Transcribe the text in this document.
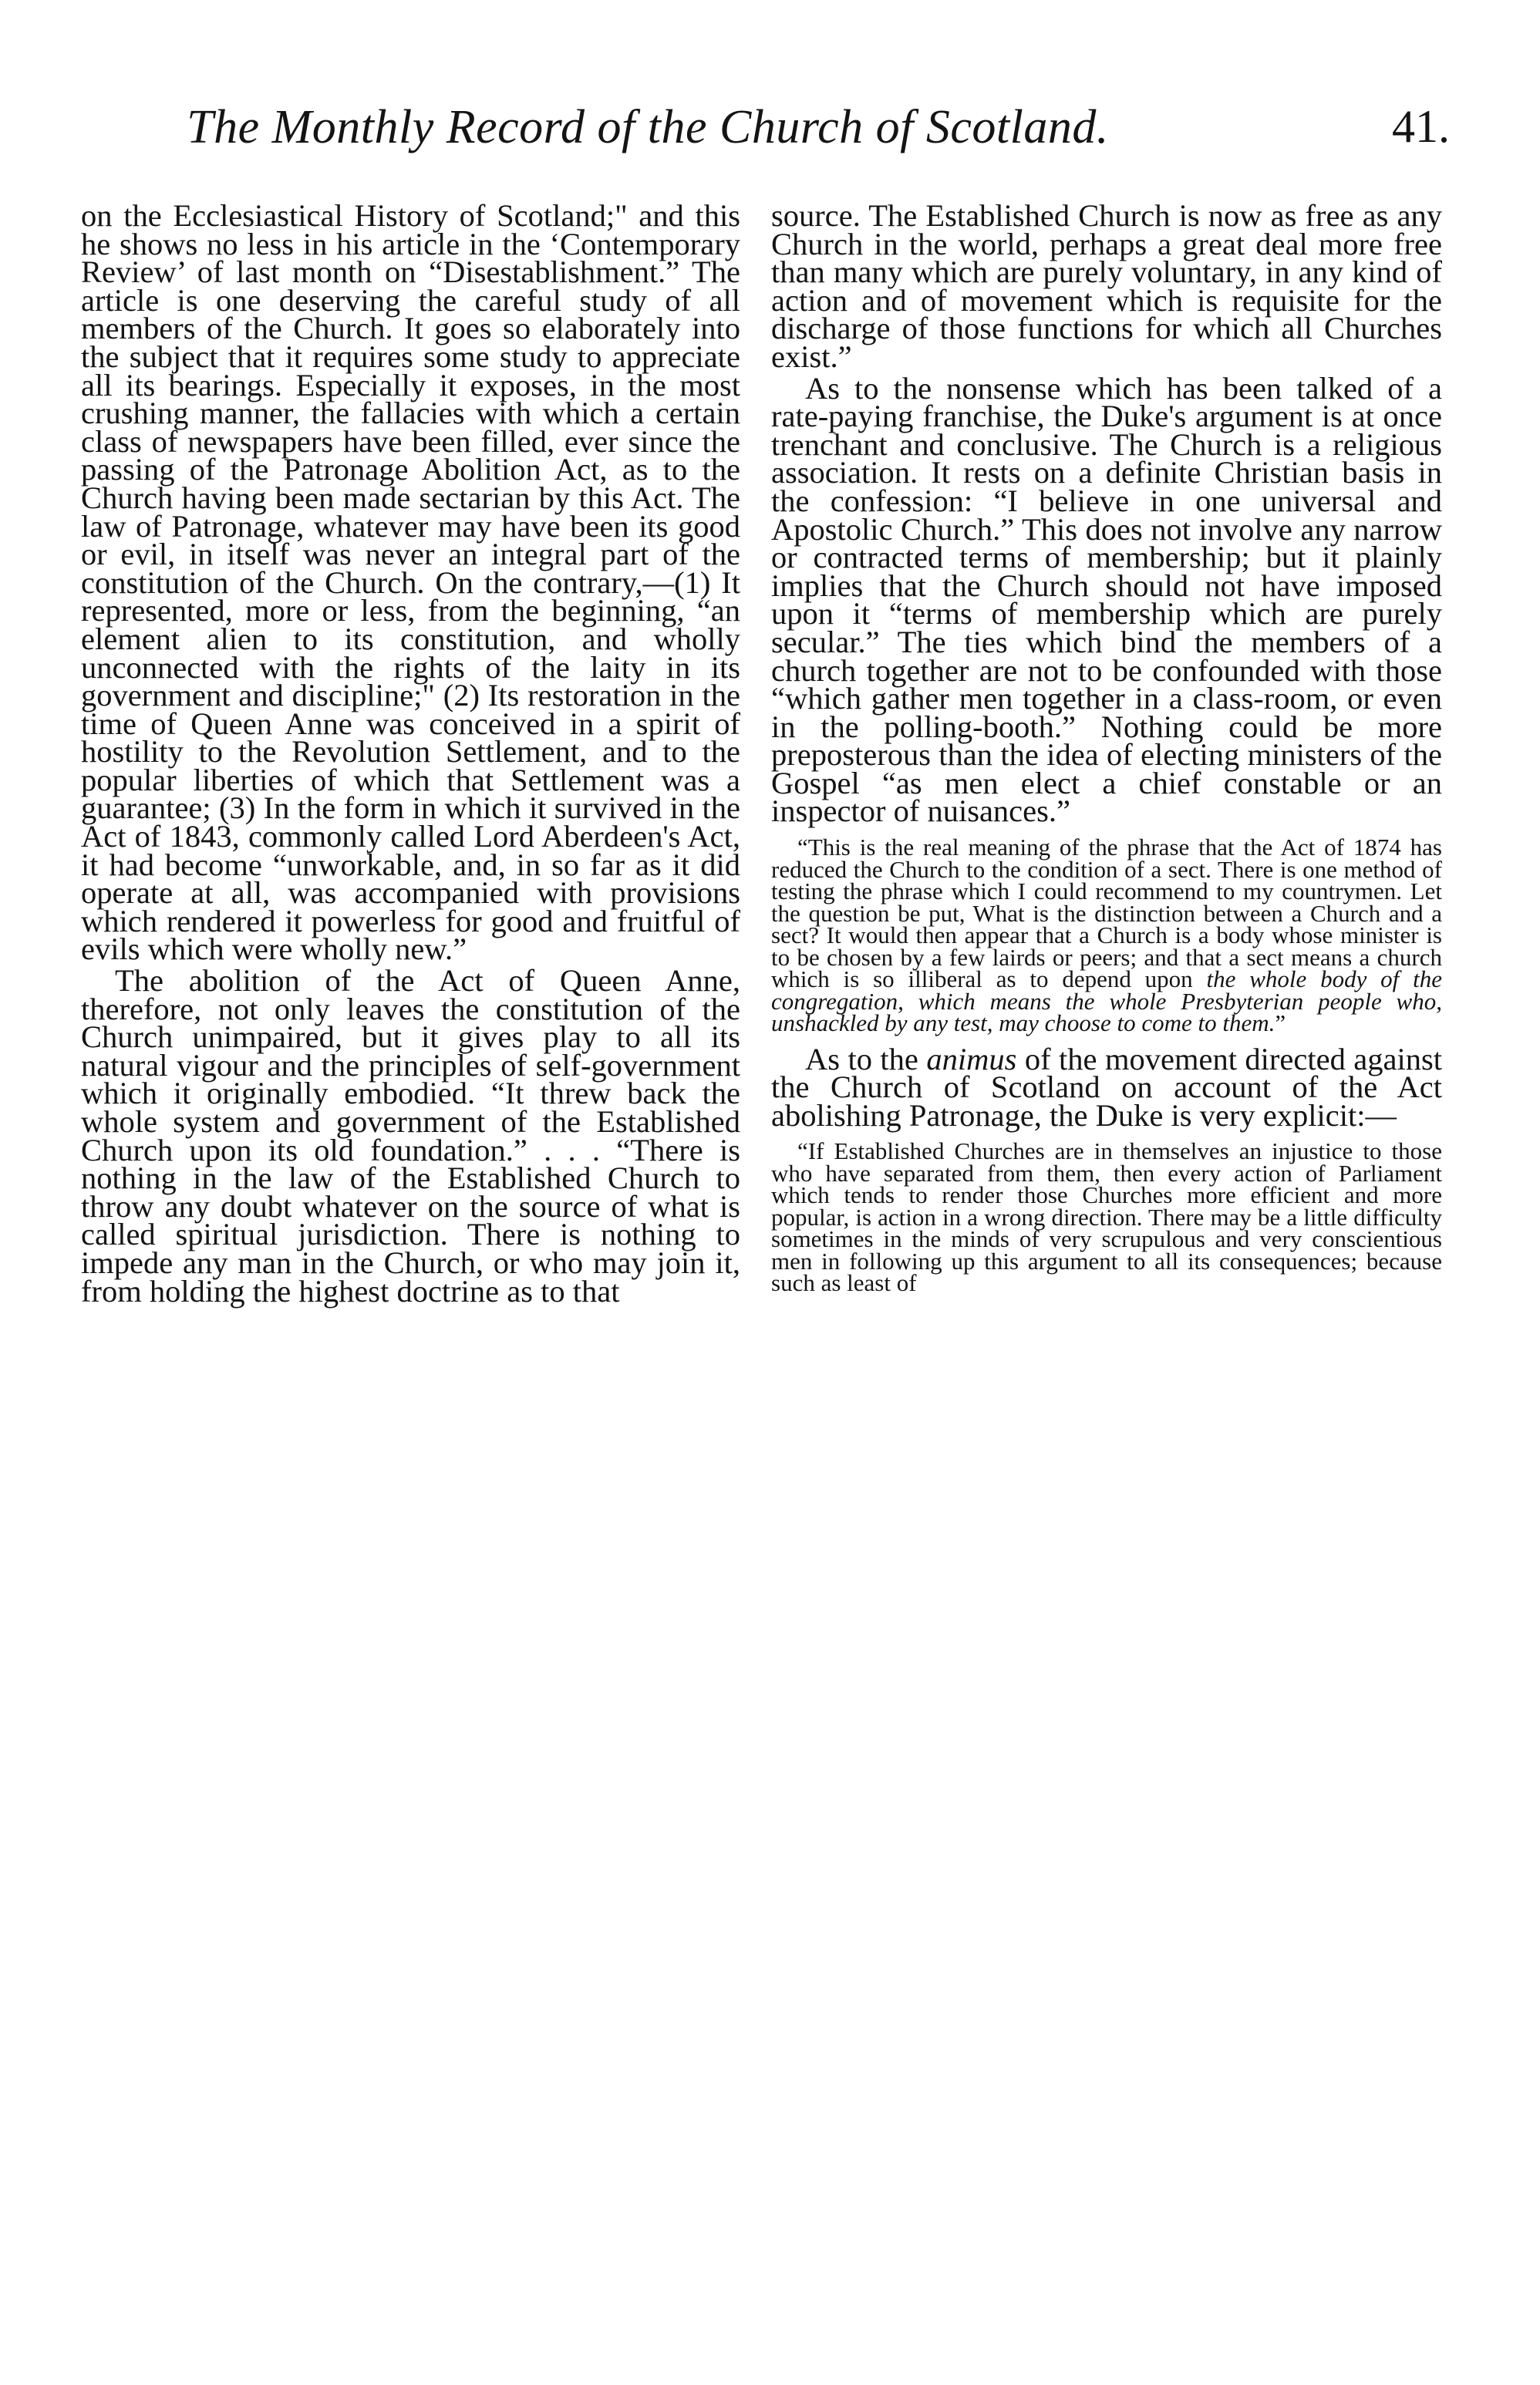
The Monthly Record of the Church of Scotland.	41.

on the Ecclesiastical History of Scotland;" and this he shows no less in his article in the ‘Contemporary Review’ of last month on “Disestablishment.” The article is one deserving the careful study of all members of the Church. It goes so elaborately into the subject that it requires some study to appreciate all its bearings. Especially it exposes, in the most crushing manner, the fallacies with which a certain class of newspapers have been filled, ever since the passing of the Patronage Abolition Act, as to the Church having been made sectarian by this Act. The law of Patronage, whatever may have been its good or evil, in itself was never an integral part of the constitution of the Church. On the contrary,—(1) It represented, more or less, from the beginning, “an element alien to its constitution, and wholly unconnected with the rights of the laity in its government and discipline;" (2) Its restoration in the time of Queen Anne was conceived in a spirit of hostility to the Revolution Settlement, and to the popular liberties of which that Settlement was a guarantee; (3) In the form in which it survived in the Act of 1843, commonly called Lord Aberdeen's Act, it had become “unworkable, and, in so far as it did operate at all, was accompanied with provisions which rendered it powerless for good and fruitful of evils which were wholly new.”

The abolition of the Act of Queen Anne, therefore, not only leaves the constitution of the Church unimpaired, but it gives play to all its natural vigour and the principles of self-government which it originally embodied. “It threw back the whole system and government of the Established Church upon its old foundation.” . . . “There is nothing in the law of the Established Church to throw any doubt whatever on the source of what is called spiritual jurisdiction. There is nothing to impede any man in the Church, or who may join it, from holding the highest doctrine as to that

source. The Established Church is now as free as any Church in the world, perhaps a great deal more free than many which are purely voluntary, in any kind of action and of movement which is requisite for the discharge of those functions for which all Churches exist.”

As to the nonsense which has been talked of a rate-paying franchise, the Duke's argument is at once trenchant and conclusive. The Church is a religious association. It rests on a definite Christian basis in the confession: “I believe in one universal and Apostolic Church.” This does not involve any narrow or contracted terms of membership; but it plainly implies that the Church should not have imposed upon it “terms of membership which are purely secular.” The ties which bind the members of a church together are not to be confounded with those “which gather men together in a class-room, or even in the polling-booth.” Nothing could be more preposterous than the idea of electing ministers of the Gospel “as men elect a chief constable or an inspector of nuisances.”

“This is the real meaning of the phrase that the Act of 1874 has reduced the Church to the condition of a sect. There is one method of testing the phrase which I could recommend to my countrymen. Let the question be put, What is the distinction between a Church and a sect? It would then appear that a Church is a body whose minister is to be chosen by a few lairds or peers; and that a sect means a church which is so illiberal as to depend upon the whole body of the congregation, which means the whole Presbyterian people who, unshackled by any test, may choose to come to them.”

As to the animus of the movement directed against the Church of Scotland on account of the Act abolishing Patronage, the Duke is very explicit:—

“If Established Churches are in themselves an injustice to those who have separated from them, then every action of Parliament which tends to render those Churches more efficient and more popular, is action in a wrong direction. There may be a little difficulty sometimes in the minds of very scrupulous and very conscientious men in following up this argument to all its consequences; because such as least of
